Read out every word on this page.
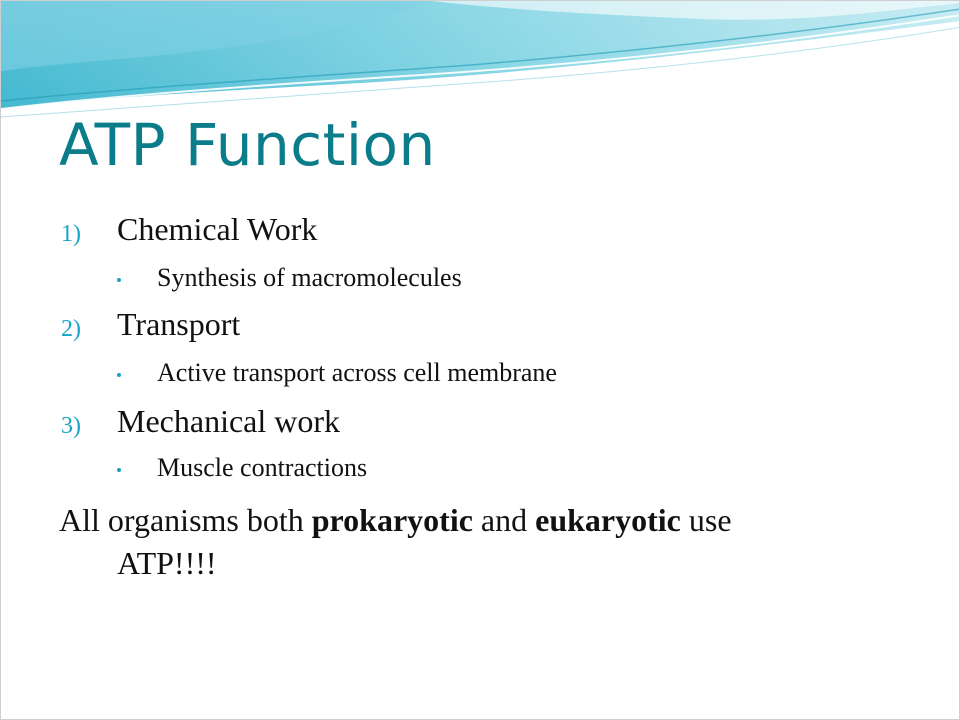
ATP Function
1) Chemical Work
Synthesis of macromolecules
2) Transport
Active transport across cell membrane
3) Mechanical work
Muscle contractions
All organisms both prokaryotic and eukaryotic use
ATP!!!!
